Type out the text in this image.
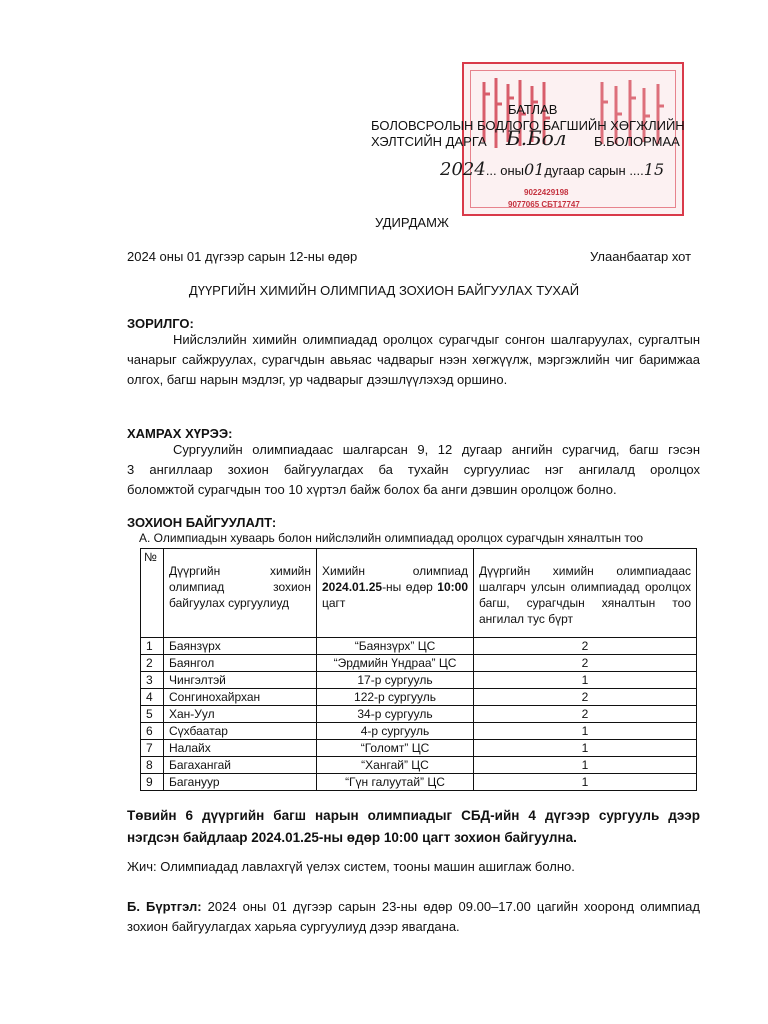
9022429198
9077065 СБТ17747
БАТЛАВ
БОЛОВСРОЛЫН БОДЛОГО БАГШИЙН ХӨГЖЛИЙН
ХЭЛТСИЙН ДАРГА	Б.БОЛОРМАА
Б.Бол
2024... оны01дугаар сарын ....15
УДИРДАМЖ
2024 оны 01 дүгээр сарын 12-ны өдөр	Улаанбаатар хот
ДҮҮРГИЙН ХИМИЙН ОЛИМПИАД ЗОХИОН БАЙГУУЛАХ ТУХАЙ
ЗОРИЛГО:
Нийслэлийн химийн олимпиадад оролцох сурагчдыг сонгон шалгаруулах, сургалтын чанарыг сайжруулах, сурагчдын авьяас чадварыг нээн хөгжүүлж, мэргэжлийн чиг баримжаа олгох, багш нарын мэдлэг, ур чадварыг дээшлүүлэхэд оршино.
ХАМРАХ ХҮРЭЭ:
Сургуулийн олимпиадаас шалгарсан 9, 12 дугаар ангийн сурагчид, багш гэсэн
3 ангиллаар зохион байгуулагдах ба тухайн сургуулиас нэг ангилалд оролцох
боломжтой сурагчдын тоо 10 хүртэл байж болох ба анги дэвшин оролцож болно.
ЗОХИОН БАЙГУУЛАЛТ:
А. Олимпиадын хуваарь болон нийслэлийн олимпиадад оролцох сурагчдын хяналтын тоо
№	Дүүргийн химийн олимпиад зохион байгуулах сургуулиуд	Химийн олимпиад 2024.01.25-ны өдөр 10:00 цагт	Дүүргийн химийн олимпиадаас шалгарч улсын олимпиадад оролцох багш, сурагчдын хяналтын тоо ангилал тус бүрт

1	Баянзүрх	“Баянзүрх” ЦС	2
2	Баянгол	“Эрдмийн Үндраа” ЦС	2
3	Чингэлтэй	17-р сургууль	1
4	Сонгинохайрхан	122-р сургууль	2
5	Хан-Уул	34-р сургууль	2
6	Сүхбаатар	4-р сургууль	1
7	Налайх	“Голомт” ЦС	1
8	Багахангай	“Хангай” ЦС	1
9	Багануур	“Гүн галуутай” ЦС	1
Төвийн 6 дүүргийн багш нарын олимпиадыг СБД-ийн 4 дүгээр сургууль дээр нэгдсэн байдлаар 2024.01.25-ны өдөр 10:00 цагт зохион байгуулна.
Жич: Олимпиадад лавлахгүй үелэх систем, тооны машин ашиглаж болно.
Б. Бүртгэл: 2024 оны 01 дүгээр сарын 23-ны өдөр 09.00–17.00 цагийн хооронд олимпиад зохион байгуулагдах харьяа сургуулиуд дээр явагдана.
